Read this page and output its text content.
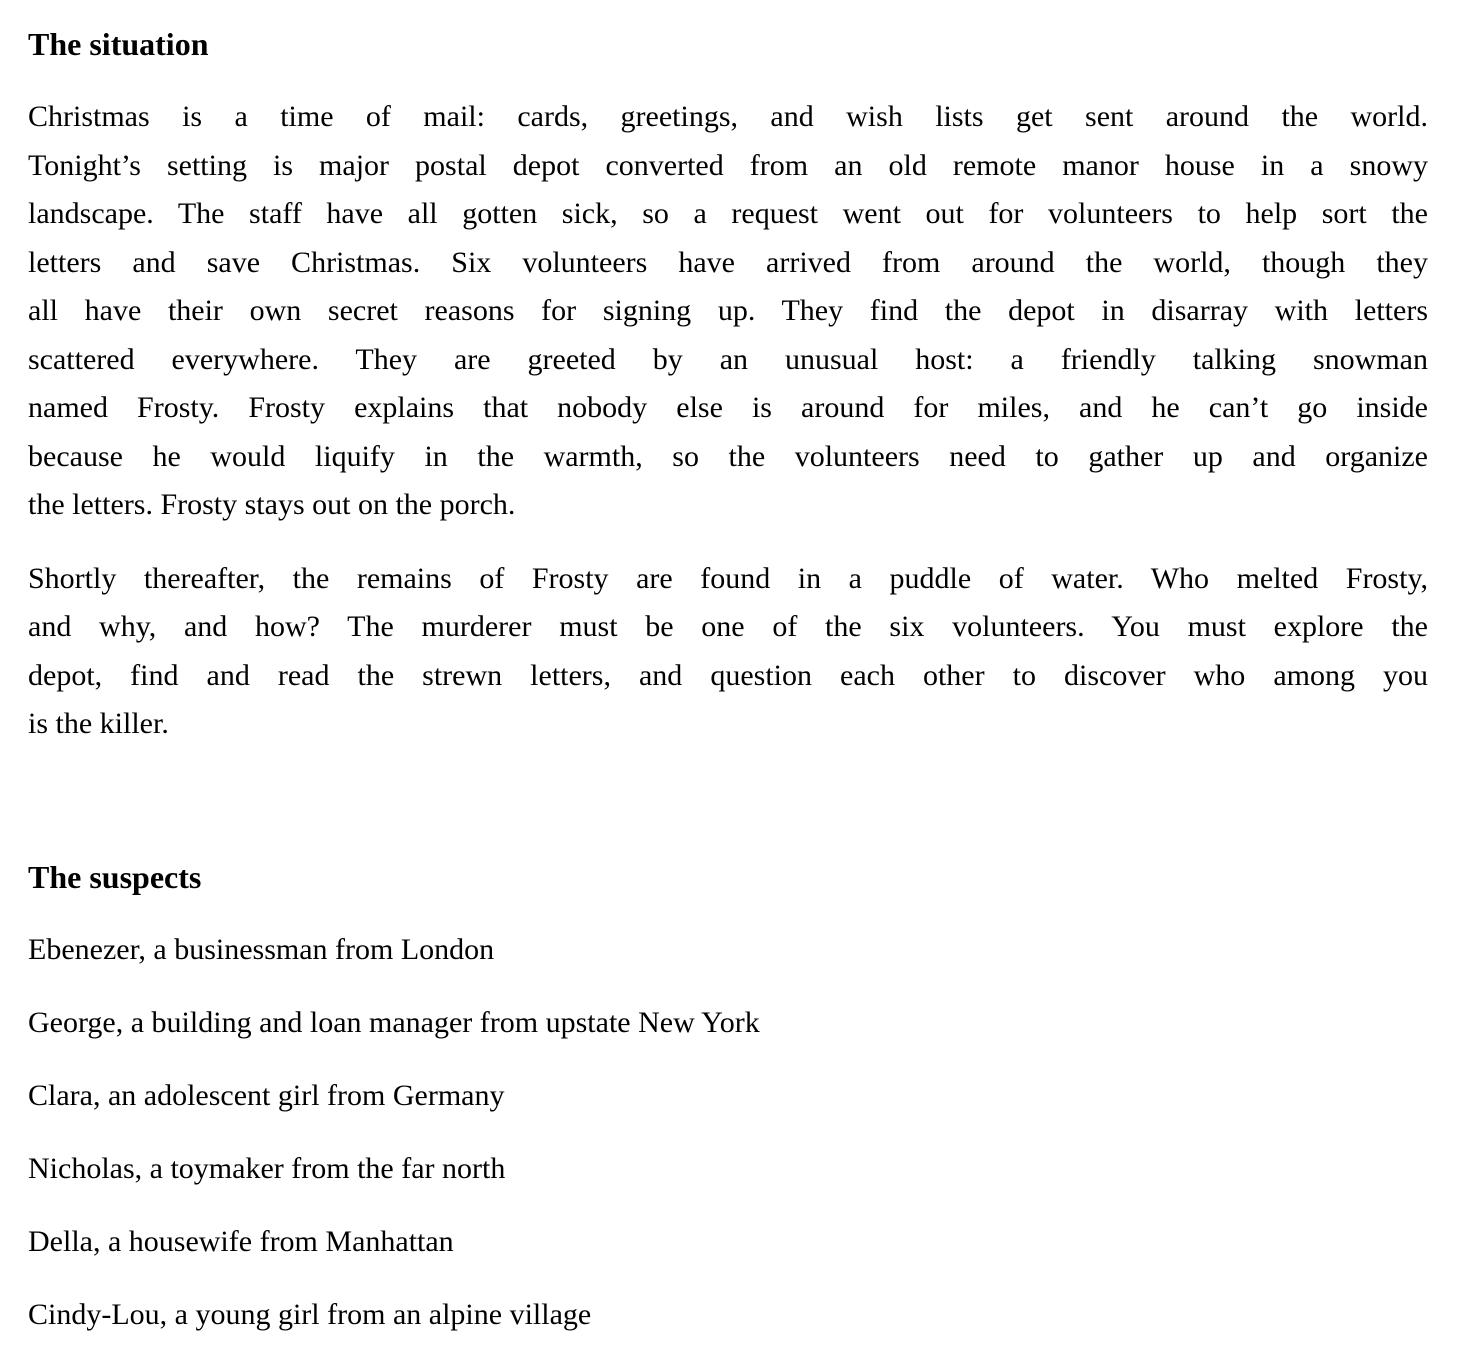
The situation
Christmas is a time of mail: cards, greetings, and wish lists get sent around the world.
Tonight’s setting is major postal depot converted from an old remote manor house in a snowy
landscape. The staff have all gotten sick, so a request went out for volunteers to help sort the
letters and save Christmas. Six volunteers have arrived from around the world, though they
all have their own secret reasons for signing up. They find the depot in disarray with letters
scattered everywhere. They are greeted by an unusual host: a friendly talking snowman
named Frosty. Frosty explains that nobody else is around for miles, and he can’t go inside
because he would liquify in the warmth, so the volunteers need to gather up and organize
the letters. Frosty stays out on the porch.
Shortly thereafter, the remains of Frosty are found in a puddle of water. Who melted Frosty,
and why, and how? The murderer must be one of the six volunteers. You must explore the
depot, find and read the strewn letters, and question each other to discover who among you
is the killer.
The suspects
Ebenezer, a businessman from London
George, a building and loan manager from upstate New York
Clara, an adolescent girl from Germany
Nicholas, a toymaker from the far north
Della, a housewife from Manhattan
Cindy-Lou, a young girl from an alpine village
